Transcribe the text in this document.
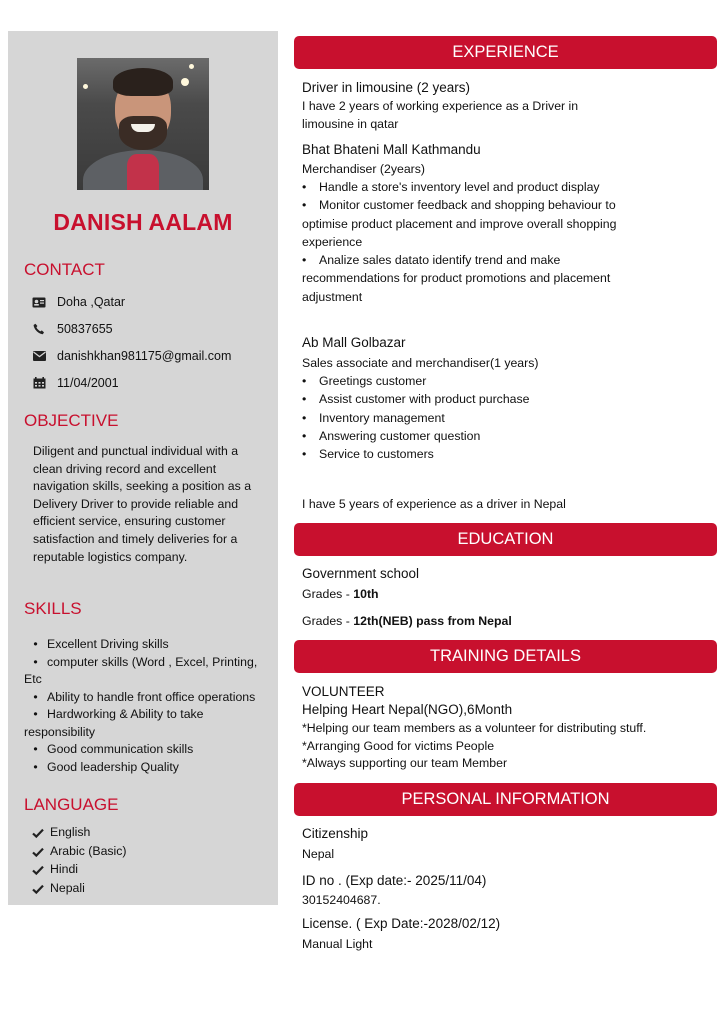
DANISH AALAM
CONTACT
Doha ,Qatar
50837655
danishkhan981175@gmail.com
11/04/2001
OBJECTIVE
Diligent and punctual individual with a clean driving record and excellent navigation skills, seeking a position as a Delivery Driver to provide reliable and efficient service, ensuring customer satisfaction and timely deliveries for a reputable logistics company.
SKILLS
• Excellent Driving skills
• computer skills (Word , Excel, Printing, Etc
• Ability to handle front office operations
• Hardworking & Ability to take responsibility
• Good communication skills
• Good leadership Quality
LANGUAGE
English
Arabic (Basic)
Hindi
Nepali
EXPERIENCE
Driver in limousine (2 years)
I have 2 years of working experience as a Driver in limousine in qatar
Bhat Bhateni Mall Kathmandu
Merchandiser (2years)
• Handle a store's inventory level and product display
• Monitor customer feedback and shopping behaviour to optimise product placement and improve overall shopping experience
• Analize sales datato identify trend and make recommendations for product promotions and placement adjustment
Ab Mall Golbazar
Sales associate and merchandiser(1 years)
• Greetings customer
• Assist customer with product purchase
• Inventory management
• Answering customer question
• Service to customers
I have 5 years of experience as a driver in Nepal
EDUCATION
Government school
Grades - 10th
Grades - 12th(NEB) pass from Nepal
TRAINING DETAILS
VOLUNTEER
Helping Heart Nepal(NGO),6Month
*Helping our team members as a volunteer for distributing stuff.
*Arranging Good for victims People
*Always supporting our team Member
PERSONAL INFORMATION
Citizenship
Nepal
ID no . (Exp date:- 2025/11/04)
30152404687.
License. ( Exp Date:-2028/02/12)
Manual Light
